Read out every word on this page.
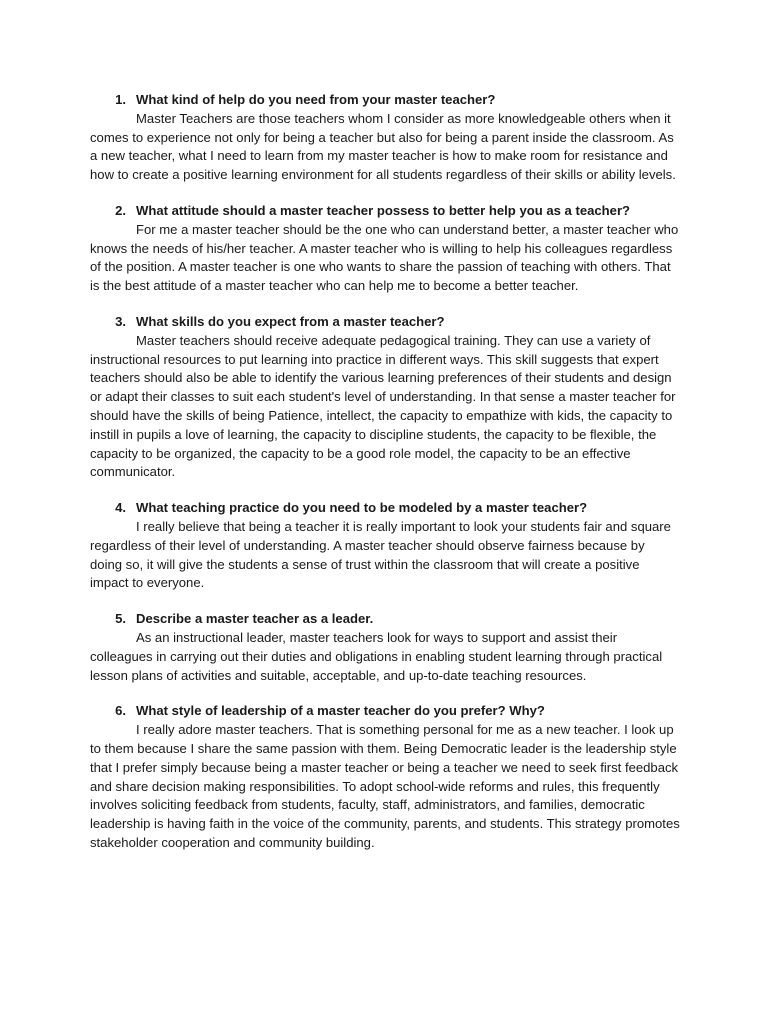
1. What kind of help do you need from your master teacher?

Master Teachers are those teachers whom I consider as more knowledgeable others when it comes to experience not only for being a teacher but also for being a parent inside the classroom. As a new teacher, what I need to learn from my master teacher is how to make room for resistance and how to create a positive learning environment for all students regardless of their skills or ability levels.

2. What attitude should a master teacher possess to better help you as a teacher?

For me a master teacher should be the one who can understand better, a master teacher who knows the needs of his/her teacher. A master teacher who is willing to help his colleagues regardless of the position. A master teacher is one who wants to share the passion of teaching with others. That is the best attitude of a master teacher who can help me to become a better teacher.

3. What skills do you expect from a master teacher?

Master teachers should receive adequate pedagogical training. They can use a variety of instructional resources to put learning into practice in different ways. This skill suggests that expert teachers should also be able to identify the various learning preferences of their students and design or adapt their classes to suit each student's level of understanding. In that sense a master teacher for should have the skills of being Patience, intellect, the capacity to empathize with kids, the capacity to instill in pupils a love of learning, the capacity to discipline students, the capacity to be flexible, the capacity to be organized, the capacity to be a good role model, the capacity to be an effective communicator.

4. What teaching practice do you need to be modeled by a master teacher?

I really believe that being a teacher it is really important to look your students fair and square regardless of their level of understanding. A master teacher should observe fairness because by doing so, it will give the students a sense of trust within the classroom that will create a positive impact to everyone.

5. Describe a master teacher as a leader.

As an instructional leader, master teachers look for ways to support and assist their colleagues in carrying out their duties and obligations in enabling student learning through practical lesson plans of activities and suitable, acceptable, and up-to-date teaching resources.

6. What style of leadership of a master teacher do you prefer? Why?

I really adore master teachers. That is something personal for me as a new teacher. I look up to them because I share the same passion with them. Being Democratic leader is the leadership style that I prefer simply because being a master teacher or being a teacher we need to seek first feedback and share decision making responsibilities. To adopt school-wide reforms and rules, this frequently involves soliciting feedback from students, faculty, staff, administrators, and families, democratic leadership is having faith in the voice of the community, parents, and students. This strategy promotes stakeholder cooperation and community building.
